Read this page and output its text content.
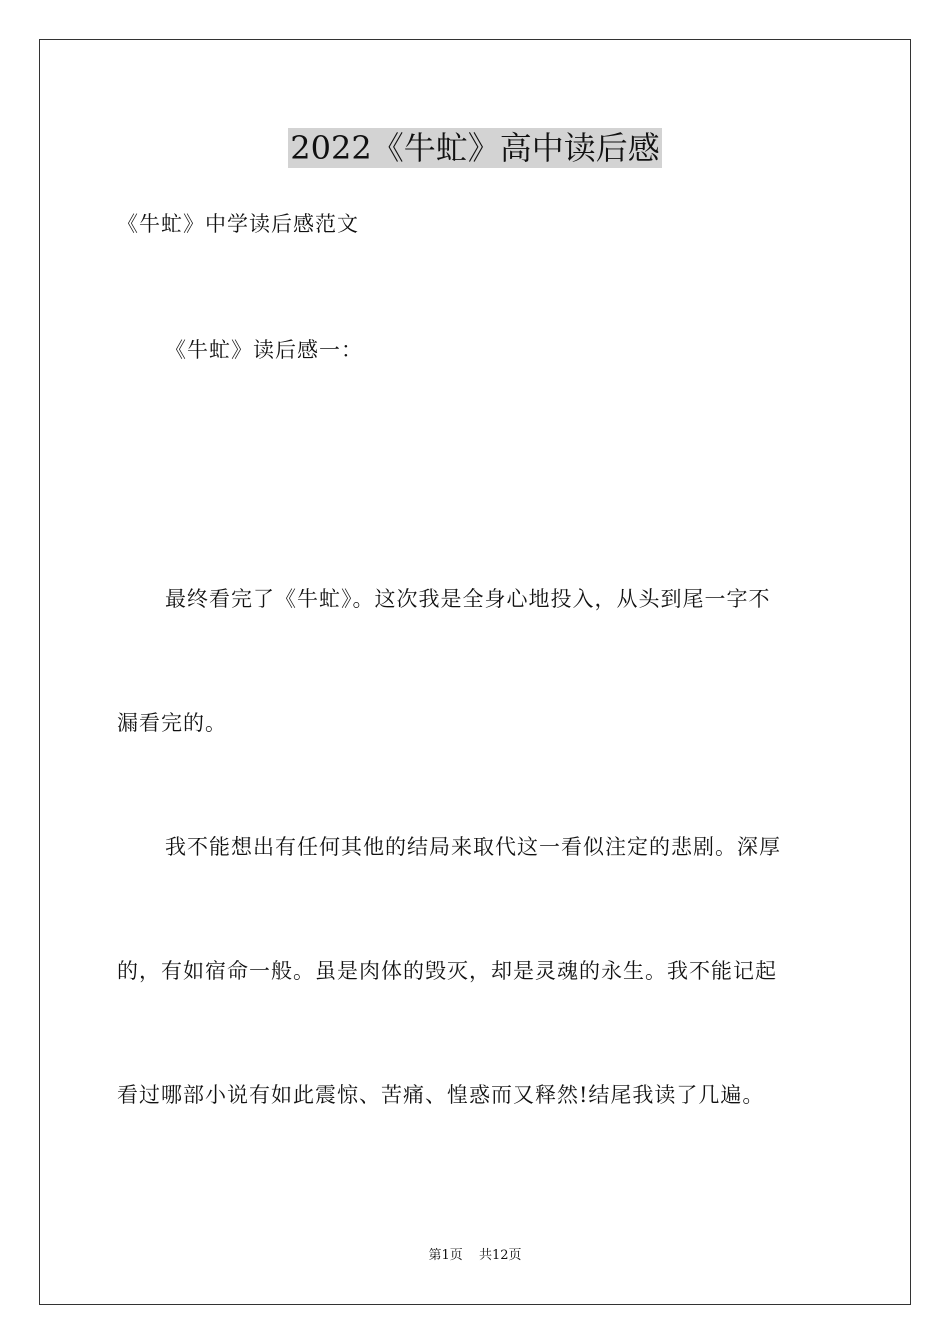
2022《牛虻》高中读后感
《牛虻》中学读后感范文
《牛虻》读后感一：
最终看完了《牛虻》。这次我是全身心地投入，从头到尾一字不
漏看完的。
我不能想出有任何其他的结局来取代这一看似注定的悲剧。深厚
的，有如宿命一般。虽是肉体的毁灭，却是灵魂的永生。我不能记起
看过哪部小说有如此震惊、苦痛、惶惑而又释然!结尾我读了几遍。
第1页 共12页
